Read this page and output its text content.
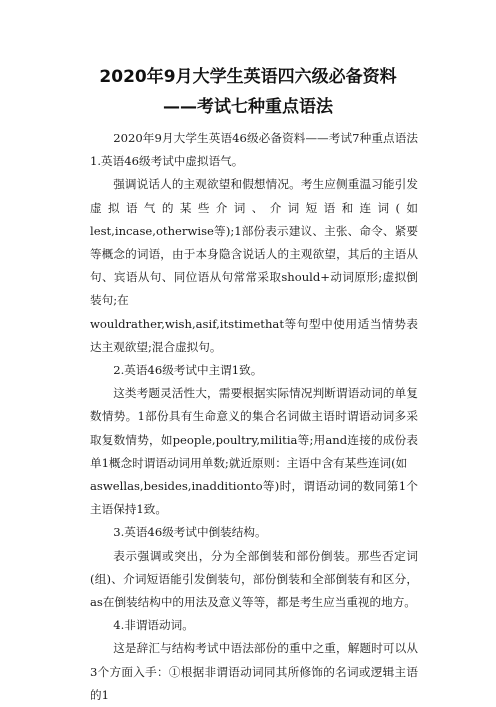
2020年9月大学生英语四六级必备资料
——考试七种重点语法

2020年9月大学生英语46级必备资料——考试7种重点语法1.英语46级考试中虚拟语气。

强调说话人的主观欲望和假想情况。考生应侧重温习能引发虚拟语气的某些介词、介词短语和连词(如lest,incase,otherwise等);1部份表示建议、主张、命令、紧要等概念的词语，由于本身隐含说话人的主观欲望，其后的主语从句、宾语从句、同位语从句常常采取should+动词原形;虚拟倒装句;在

wouldrather,wish,asif,itstimethat等句型中使用适当情势表达主观欲望;混合虚拟句。

2.英语46级考试中主谓1致。

这类考题灵活性大，需要根据实际情况判断谓语动词的单复数情势。1部份具有生命意义的集合名词做主语时谓语动词多采取复数情势，如people,poultry,militia等;用and连接的成份表单1概念时谓语动词用单数;就近原则：主语中含有某些连词(如

aswellas,besides,inadditionto等)时，谓语动词的数同第1个主语保持1致。

3.英语46级考试中倒装结构。

表示强调或突出，分为全部倒装和部份倒装。那些否定词(组)、介词短语能引发倒装句，部份倒装和全部倒装有和区分，as在倒装结构中的用法及意义等等，都是考生应当重视的地方。

4.非谓语动词。

这是辞汇与结构考试中语法部份的重中之重，解题时可以从3个方面入手：①根据非谓语动词同其所修饰的名词或逻辑主语的1
